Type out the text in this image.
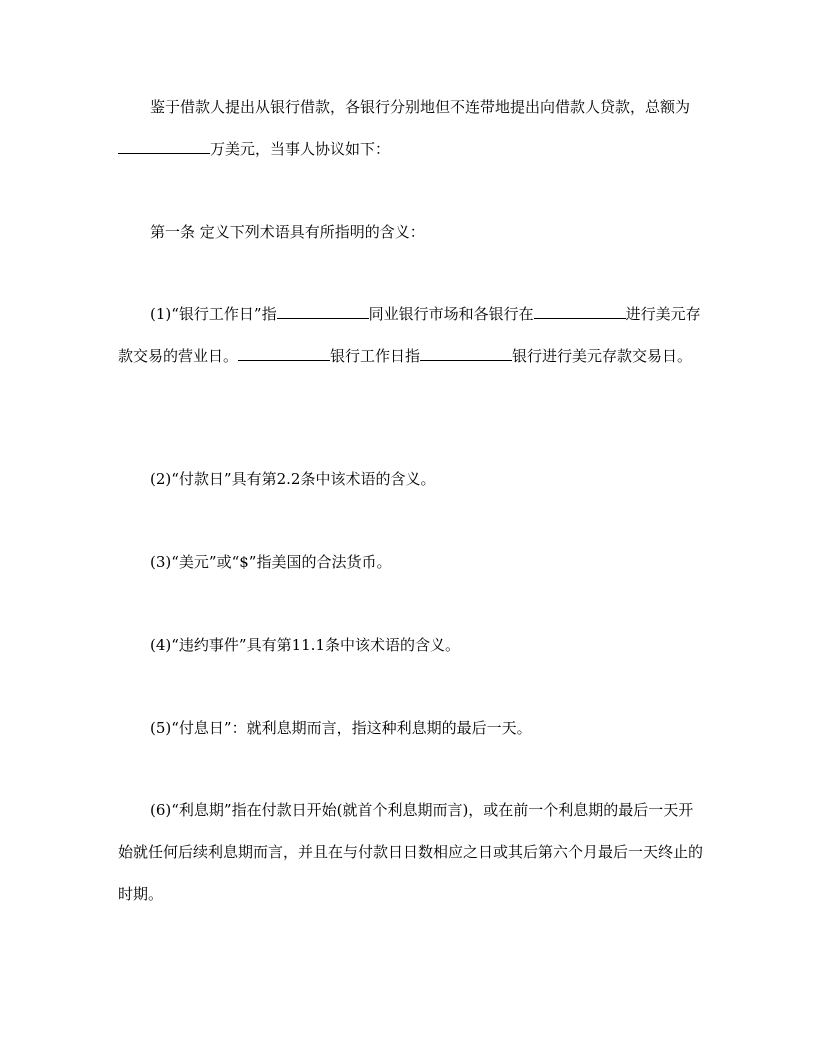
鉴于借款人提出从银行借款，各银行分别地但不连带地提出向借款人贷款，总额为万美元，当事人协议如下：

第一条 定义下列术语具有所指明的含义：

(1)“银行工作日”指	同业银行市场和各银行在	进行美元存款交易的营业日。	银行工作日指	银行进行美元存款交易日。

(2)“付款日”具有第2.2条中该术语的含义。

(3)“美元”或“$”指美国的合法货币。

(4)“违约事件”具有第11.1条中该术语的含义。

(5)“付息日”：就利息期而言，指这种利息期的最后一天。

(6)“利息期”指在付款日开始(就首个利息期而言)，或在前一个利息期的最后一天开始就任何后续利息期而言，并且在与付款日日数相应之日或其后第六个月最后一天终止的时期。
